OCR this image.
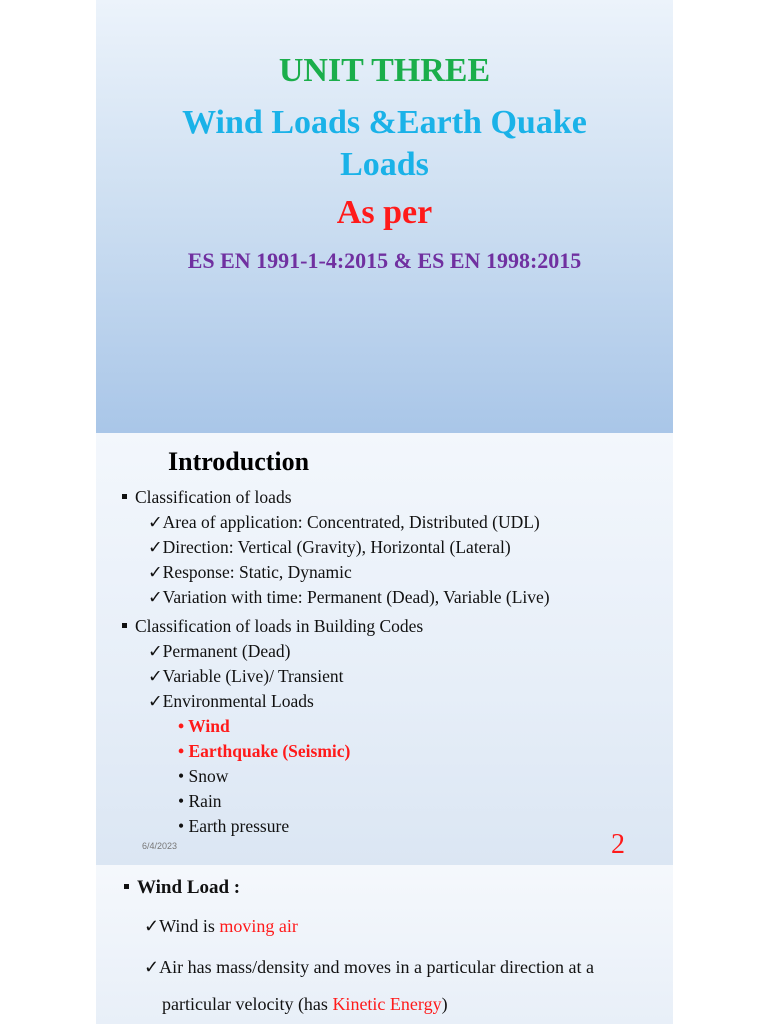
UNIT THREE
Wind Loads &Earth Quake
Loads
As per
ES EN 1991-1-4:2015 & ES EN 1998:2015
Introduction
Classification of loads
✓Area of application: Concentrated, Distributed (UDL)
✓Direction: Vertical (Gravity), Horizontal (Lateral)
✓Response: Static, Dynamic
✓Variation with time: Permanent (Dead), Variable (Live)
Classification of loads in Building Codes
✓Permanent (Dead)
✓Variable (Live)/ Transient
✓Environmental Loads
• Wind
• Earthquake (Seismic)
• Snow
• Rain
• Earth pressure
6/4/2023	2
Wind Load :
✓Wind is moving air
✓Air has mass/density and moves in a particular direction at a
particular velocity (has Kinetic Energy)
